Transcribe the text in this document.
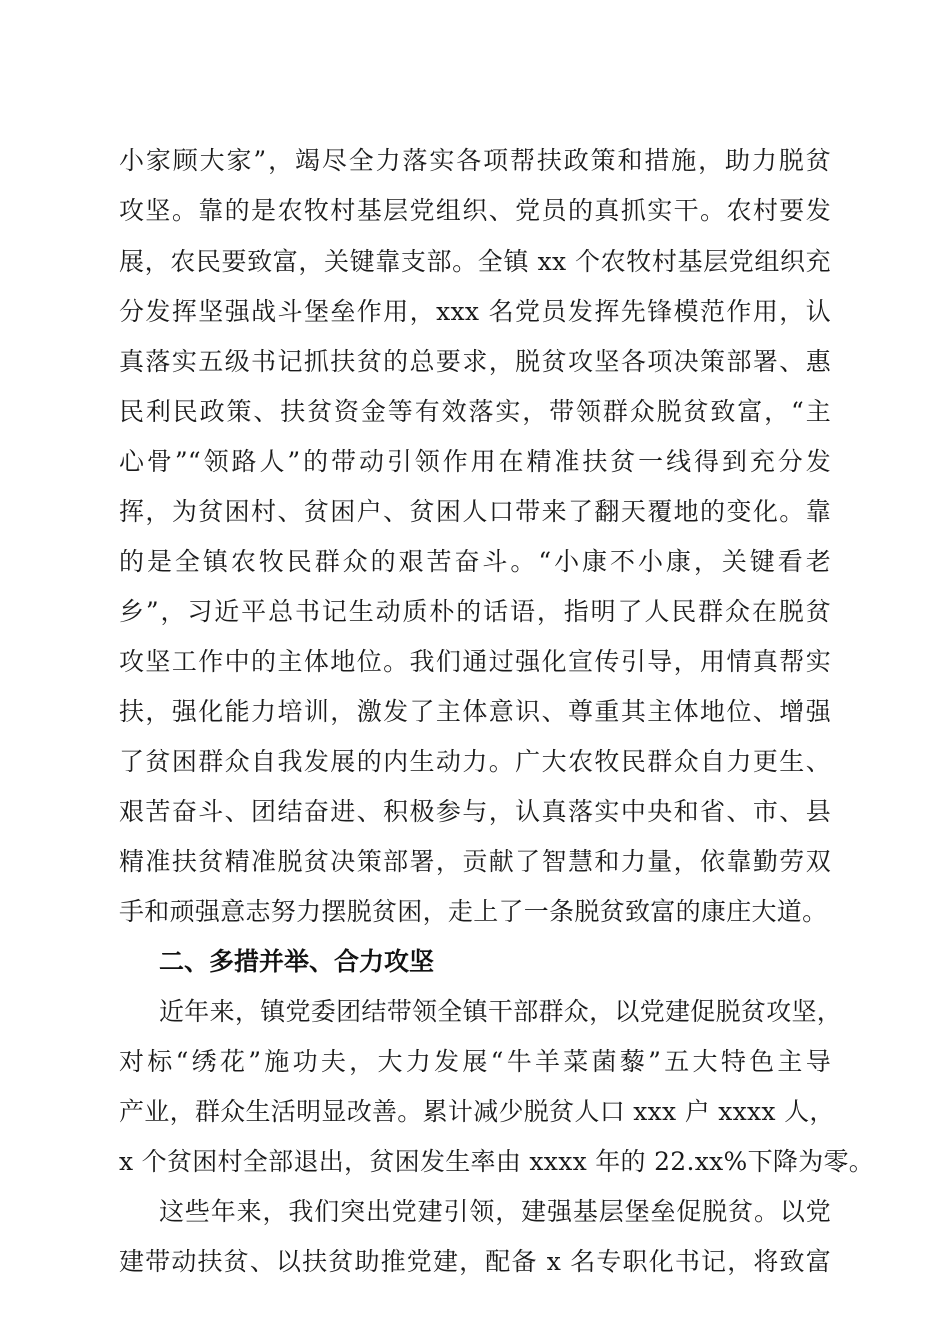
小家顾大家”，竭尽全力落实各项帮扶政策和措施，助力脱贫
攻坚。靠的是农牧村基层党组织、党员的真抓实干。农村要发
展，农民要致富，关键靠支部。全镇 xx 个农牧村基层党组织充
分发挥坚强战斗堡垒作用，xxx 名党员发挥先锋模范作用，认
真落实五级书记抓扶贫的总要求，脱贫攻坚各项决策部署、惠
民利民政策、扶贫资金等有效落实，带领群众脱贫致富，“主
心骨”“领路人”的带动引领作用在精准扶贫一线得到充分发
挥，为贫困村、贫困户、贫困人口带来了翻天覆地的变化。靠
的是全镇农牧民群众的艰苦奋斗。“小康不小康，关键看老
乡”，习近平总书记生动质朴的话语，指明了人民群众在脱贫
攻坚工作中的主体地位。我们通过强化宣传引导，用情真帮实
扶，强化能力培训，激发了主体意识、尊重其主体地位、增强
了贫困群众自我发展的内生动力。广大农牧民群众自力更生、
艰苦奋斗、团结奋进、积极参与，认真落实中央和省、市、县
精准扶贫精准脱贫决策部署，贡献了智慧和力量，依靠勤劳双
手和顽强意志努力摆脱贫困，走上了一条脱贫致富的康庄大道。
二、多措并举、合力攻坚
近年来，镇党委团结带领全镇干部群众，以党建促脱贫攻坚，
对标“绣花”施功夫，大力发展“牛羊菜菌藜”五大特色主导
产业，群众生活明显改善。累计减少脱贫人口 xxx 户 xxxx 人，
x 个贫困村全部退出，贫困发生率由 xxxx 年的 22.xx%下降为零。
这些年来，我们突出党建引领，建强基层堡垒促脱贫。以党
建带动扶贫、以扶贫助推党建，配备 x 名专职化书记，将致富
